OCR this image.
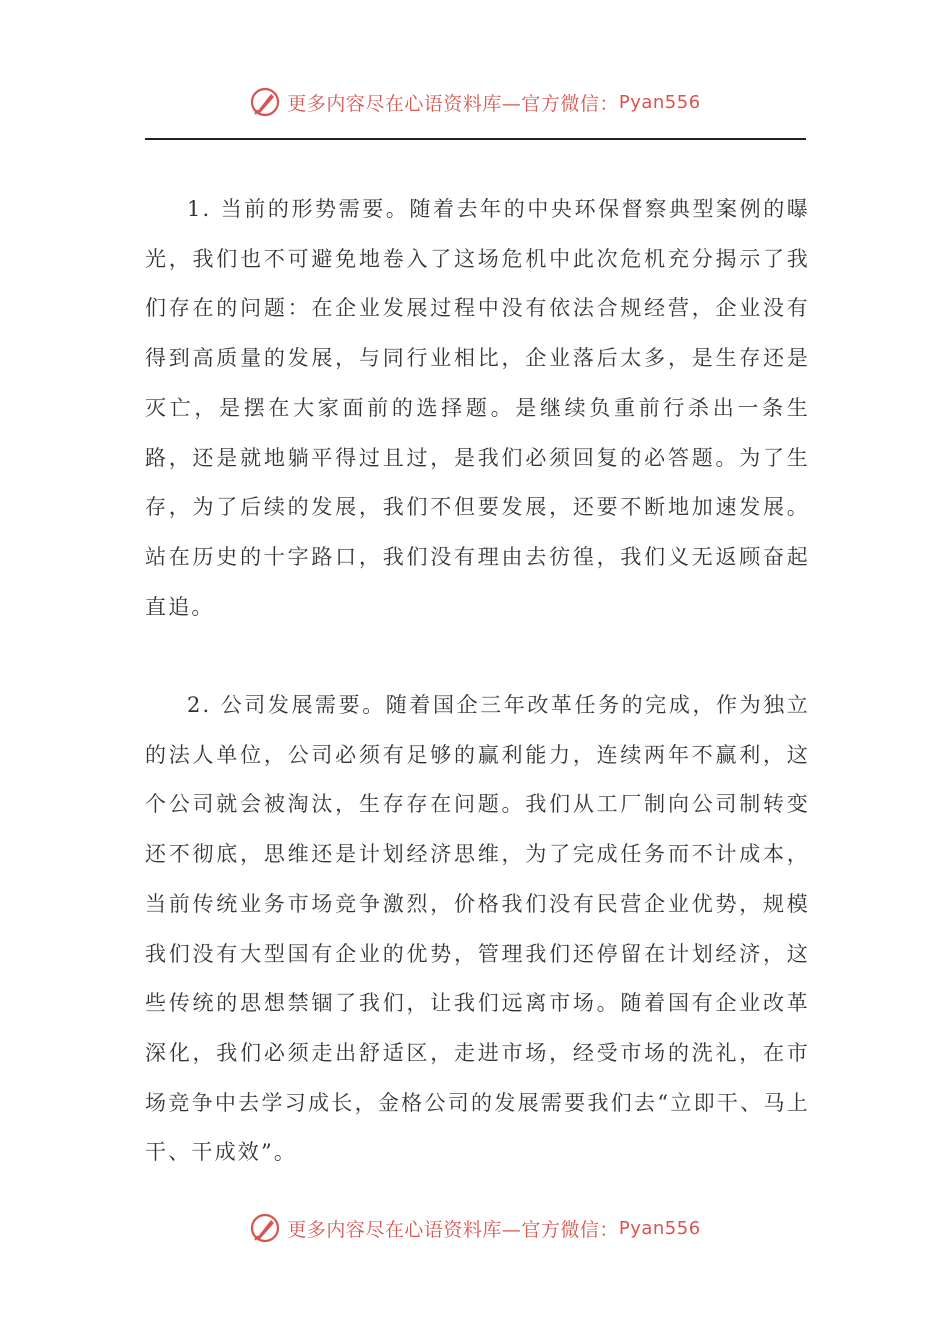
更多内容尽在心语资料库—官方微信： Pyan556

1. 当前的形势需要。随着去年的中央环保督察典型案例的曝光，我们也不可避免地卷入了这场危机中此次危机充分揭示了我们存在的问题：在企业发展过程中没有依法合规经营，企业没有得到高质量的发展，与同行业相比，企业落后太多，是生存还是灭亡，是摆在大家面前的选择题。是继续负重前行杀出一条生路，还是就地躺平得过且过，是我们必须回复的必答题。为了生存，为了后续的发展，我们不但要发展，还要不断地加速发展。站在历史的十字路口，我们没有理由去彷徨，我们义无返顾奋起直追。

2. 公司发展需要。随着国企三年改革任务的完成，作为独立的法人单位，公司必须有足够的赢利能力，连续两年不赢利，这个公司就会被淘汰，生存存在问题。我们从工厂制向公司制转变还不彻底，思维还是计划经济思维，为了完成任务而不计成本，当前传统业务市场竞争激烈，价格我们没有民营企业优势，规模我们没有大型国有企业的优势，管理我们还停留在计划经济，这些传统的思想禁锢了我们，让我们远离市场。随着国有企业改革深化，我们必须走出舒适区，走进市场，经受市场的洗礼，在市场竞争中去学习成长，金格公司的发展需要我们去“立即干、马上干、干成效”。

更多内容尽在心语资料库—官方微信： Pyan556
